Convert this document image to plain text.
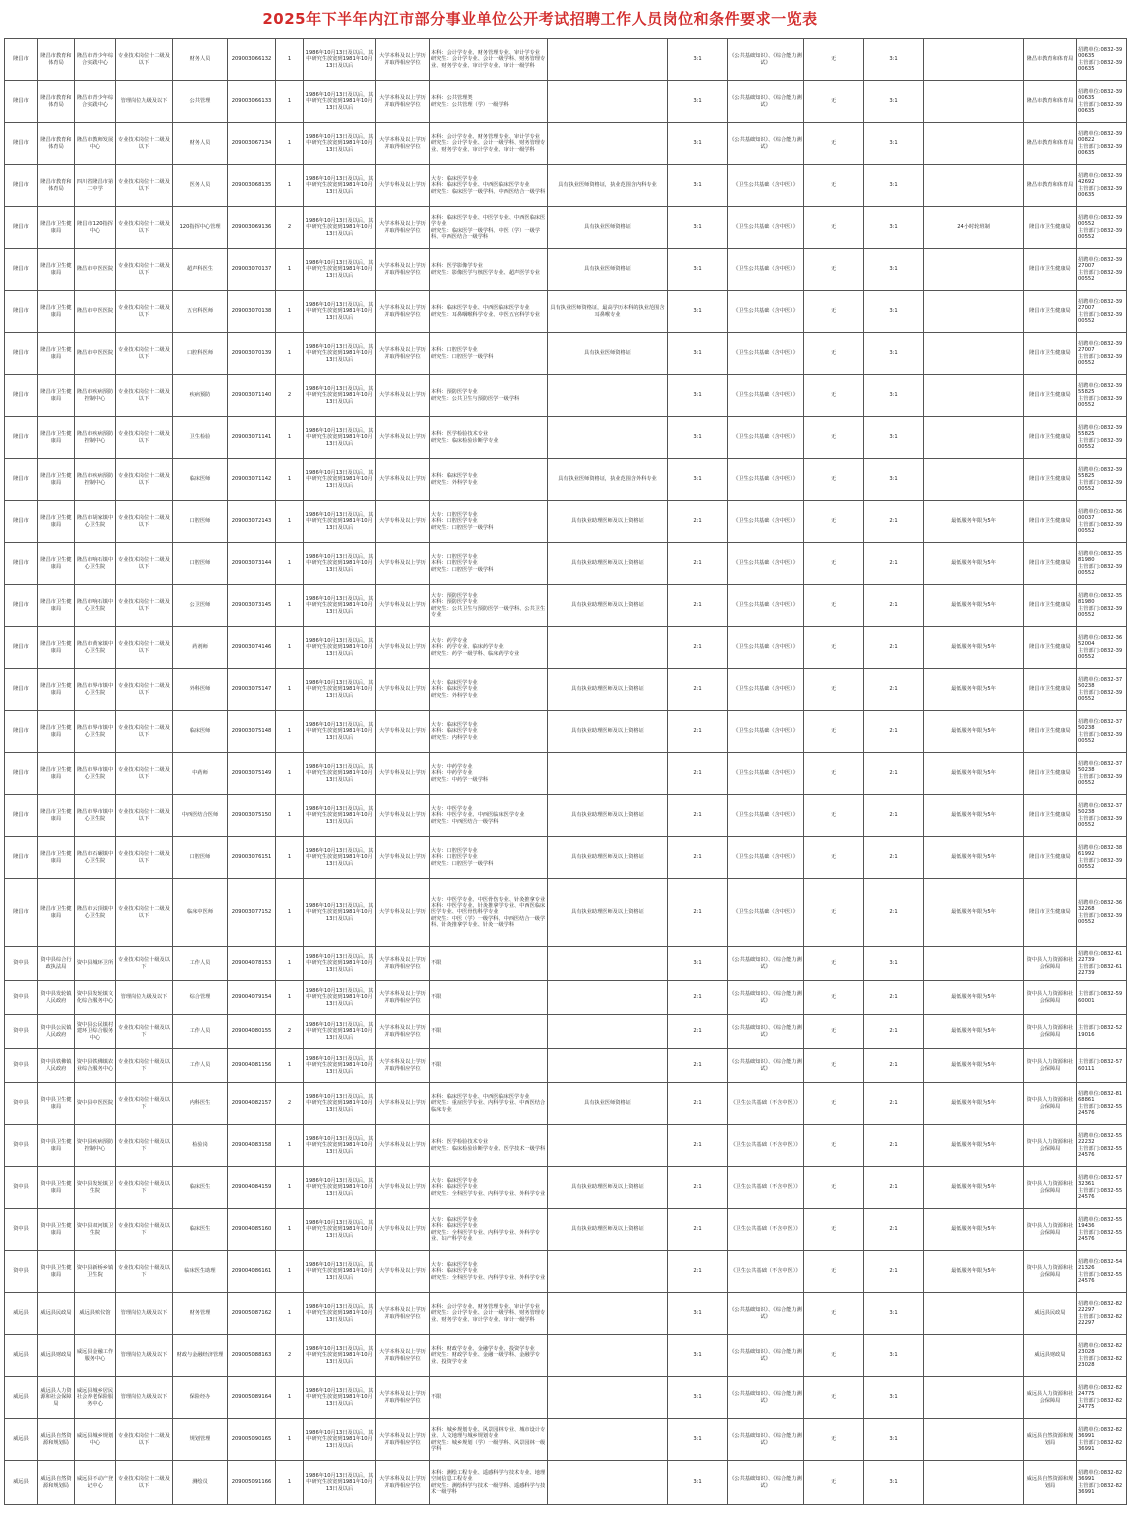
2025年下半年内江市部分事业单位公开考试招聘工作人员岗位和条件要求一览表
隆昌市	隆昌市教育和体育局	隆昌市青少年综合实践中心	专业技术岗位十二级及以下	财务人员	209003066132	1	1986年10月13日及以后，其中研究生放宽到1981年10月13日及以后	大学本科及以上学历并取得相应学位	本科：会计学专业、财务管理专业、审计学专业
研究生：会计学专业、会计一级学科、财务管理专业、财务学专业、审计学专业、审计一级学科		3:1	《公共基础知识》、《综合能力测试》	无	3:1		隆昌市教育和体育局	招聘单位:0832-3900635
主管部门:0832-3900635
隆昌市	隆昌市教育和体育局	隆昌市青少年综合实践中心	管理岗位九级及以下	公共管理	209003066133	1	1986年10月13日及以后，其中研究生放宽到1981年10月13日及以后	大学本科及以上学历并取得相应学位	本科：公共管理类
研究生：公共管理（学）一级学科		3:1	《公共基础知识》、《综合能力测试》	无	3:1		隆昌市教育和体育局	招聘单位:0832-3900635
主管部门:0832-3900635
隆昌市	隆昌市教育和体育局	隆昌市教师发展中心	专业技术岗位十二级及以下	财务人员	209003067134	1	1986年10月13日及以后，其中研究生放宽到1981年10月13日及以后	大学本科及以上学历并取得相应学位	本科：会计学专业、财务管理专业、审计学专业
研究生：会计学专业、会计一级学科、财务管理专业、财务学专业、审计学专业、审计一级学科		3:1	《公共基础知识》、《综合能力测试》	无	3:1		隆昌市教育和体育局	招聘单位:0832-3900822
主管部门:0832-3900635
隆昌市	隆昌市教育和体育局	四川省隆昌市第二中学	专业技术岗位十二级及以下	医务人员	209003068135	1	1986年10月13日及以后，其中研究生放宽到1981年10月13日及以后	大学专科及以上学历	大专：临床医学专业
本科：临床医学专业、中西医临床医学专业
研究生：临床医学一级学科、中西医结合一级学科	具有执业医师资格证，执业范围含内科专业	3:1	《卫生公共基础（含中医）》	无	3:1		隆昌市教育和体育局	招聘单位:0832-3942692
主管部门:0832-3900635
隆昌市	隆昌市卫生健康局	隆昌市120指挥中心	专业技术岗位十二级及以下	120指挥中心管理	209003069136	2	1986年10月13日及以后，其中研究生放宽到1981年10月13日及以后	大学本科及以上学历并取得相应学位	本科：临床医学专业、中医学专业、中西医临床医学专业
研究生：临床医学一级学科、中医（学）一级学科、中西医结合一级学科	具有执业医师资格证	3:1	《卫生公共基础（含中医）》	无	3:1	24小时轮班制	隆昌市卫生健康局	招聘单位:0832-3900552
主管部门:0832-3900552
隆昌市	隆昌市卫生健康局	隆昌市中医医院	专业技术岗位十二级及以下	超声科医生	209003070137	1	1986年10月13日及以后，其中研究生放宽到1981年10月13日及以后	大学本科及以上学历并取得相应学位	本科：医学影像学专业
研究生：影像医学与核医学专业、超声医学专业	具有执业医师资格证	3:1	《卫生公共基础（含中医）》	无	3:1		隆昌市卫生健康局	招聘单位:0832-3927007
主管部门:0832-3900552
隆昌市	隆昌市卫生健康局	隆昌市中医医院	专业技术岗位十二级及以下	五官科医师	209003070138	1	1986年10月13日及以后，其中研究生放宽到1981年10月13日及以后	大学本科及以上学历并取得相应学位	本科：临床医学专业、中西医临床医学专业
研究生：耳鼻咽喉科学专业、中医五官科学专业	具有执业医师资格证，最高学历本科的执业范围含耳鼻喉专业	3:1	《卫生公共基础（含中医）》	无	3:1		隆昌市卫生健康局	招聘单位:0832-3927007
主管部门:0832-3900552
隆昌市	隆昌市卫生健康局	隆昌市中医医院	专业技术岗位十二级及以下	口腔科医师	209003070139	1	1986年10月13日及以后，其中研究生放宽到1981年10月13日及以后	大学本科及以上学历并取得相应学位	本科：口腔医学专业
研究生：口腔医学一级学科	具有执业医师资格证	3:1	《卫生公共基础（含中医）》	无	3:1		隆昌市卫生健康局	招聘单位:0832-3927007
主管部门:0832-3900552
隆昌市	隆昌市卫生健康局	隆昌市疾病预防控制中心	专业技术岗位十二级及以下	疾病预防	209003071140	2	1986年10月13日及以后，其中研究生放宽到1981年10月13日及以后	大学本科及以上学历	本科：预防医学专业
研究生：公共卫生与预防医学一级学科		3:1	《卫生公共基础（含中医）》	无	3:1		隆昌市卫生健康局	招聘单位:0832-3955825
主管部门:0832-3900552
隆昌市	隆昌市卫生健康局	隆昌市疾病预防控制中心	专业技术岗位十二级及以下	卫生检验	209003071141	1	1986年10月13日及以后，其中研究生放宽到1981年10月13日及以后	大学本科及以上学历	本科：医学检验技术专业
研究生：临床检验诊断学专业		3:1	《卫生公共基础（含中医）》	无	3:1		隆昌市卫生健康局	招聘单位:0832-3955825
主管部门:0832-3900552
隆昌市	隆昌市卫生健康局	隆昌市疾病预防控制中心	专业技术岗位十二级及以下	临床医师	209003071142	1	1986年10月13日及以后，其中研究生放宽到1981年10月13日及以后	大学本科及以上学历	本科：临床医学专业
研究生：外科学专业	具有执业医师资格证，执业范围含外科专业	3:1	《卫生公共基础（含中医）》	无	3:1		隆昌市卫生健康局	招聘单位:0832-3955825
主管部门:0832-3900552
隆昌市	隆昌市卫生健康局	隆昌市胡家镇中心卫生院	专业技术岗位十二级及以下	口腔医师	209003072143	1	1986年10月13日及以后，其中研究生放宽到1981年10月13日及以后	大学专科及以上学历	大专：口腔医学专业
本科：口腔医学专业
研究生：口腔医学一级学科	具有执业助理医师及以上资格证	2:1	《卫生公共基础（含中医）》	无	2:1	最低服务年限为5年	隆昌市卫生健康局	招聘单位:0832-3600037
主管部门:0832-3900552
隆昌市	隆昌市卫生健康局	隆昌市响石镇中心卫生院	专业技术岗位十二级及以下	口腔医师	209003073144	1	1986年10月13日及以后，其中研究生放宽到1981年10月13日及以后	大学专科及以上学历	大专：口腔医学专业
本科：口腔医学专业
研究生：口腔医学一级学科	具有执业助理医师及以上资格证	2:1	《卫生公共基础（含中医）》	无	2:1	最低服务年限为5年	隆昌市卫生健康局	招聘单位:0832-3581980
主管部门:0832-3900552
隆昌市	隆昌市卫生健康局	隆昌市响石镇中心卫生院	专业技术岗位十二级及以下	公卫医师	209003073145	1	1986年10月13日及以后，其中研究生放宽到1981年10月13日及以后	大学专科及以上学历	大专：预防医学专业
本科：预防医学专业
研究生：公共卫生与预防医学一级学科、公共卫生专业	具有执业助理医师及以上资格证	2:1	《卫生公共基础（含中医）》	无	2:1	最低服务年限为5年	隆昌市卫生健康局	招聘单位:0832-3581980
主管部门:0832-3900552
隆昌市	隆昌市卫生健康局	隆昌市黄家镇中心卫生院	专业技术岗位十二级及以下	药剂师	209003074146	1	1986年10月13日及以后，其中研究生放宽到1981年10月13日及以后	大学专科及以上学历	大专：药学专业
本科：药学专业、临床药学专业
研究生：药学一级学科、临床药学专业		2:1	《卫生公共基础（含中医）》	无	2:1	最低服务年限为5年	隆昌市卫生健康局	招聘单位:0832-3652004
主管部门:0832-3900552
隆昌市	隆昌市卫生健康局	隆昌市界市镇中心卫生院	专业技术岗位十二级及以下	外科医师	209003075147	1	1986年10月13日及以后，其中研究生放宽到1981年10月13日及以后	大学专科及以上学历	大专：临床医学专业
本科：临床医学专业
研究生：外科学专业	具有执业助理医师及以上资格证	2:1	《卫生公共基础（含中医）》	无	2:1	最低服务年限为5年	隆昌市卫生健康局	招聘单位:0832-3750238
主管部门:0832-3900552
隆昌市	隆昌市卫生健康局	隆昌市界市镇中心卫生院	专业技术岗位十二级及以下	临床医师	209003075148	1	1986年10月13日及以后，其中研究生放宽到1981年10月13日及以后	大学专科及以上学历	大专：临床医学专业
本科：临床医学专业
研究生：内科学专业	具有执业助理医师及以上资格证	2:1	《卫生公共基础（含中医）》	无	2:1	最低服务年限为5年	隆昌市卫生健康局	招聘单位:0832-3750238
主管部门:0832-3900552
隆昌市	隆昌市卫生健康局	隆昌市界市镇中心卫生院	专业技术岗位十二级及以下	中药师	209003075149	1	1986年10月13日及以后，其中研究生放宽到1981年10月13日及以后	大学专科及以上学历	大专：中药学专业
本科：中药学专业
研究生：中药学一级学科		2:1	《卫生公共基础（含中医）》	无	2:1	最低服务年限为5年	隆昌市卫生健康局	招聘单位:0832-3750238
主管部门:0832-3900552
隆昌市	隆昌市卫生健康局	隆昌市界市镇中心卫生院	专业技术岗位十二级及以下	中西医结合医师	209003075150	1	1986年10月13日及以后，其中研究生放宽到1981年10月13日及以后	大学专科及以上学历	大专：中医学专业
本科：中医学专业、中西医临床医学专业
研究生：中西医结合一级学科	具有执业助理医师及以上资格证	2:1	《卫生公共基础（含中医）》	无	2:1	最低服务年限为5年	隆昌市卫生健康局	招聘单位:0832-3750238
主管部门:0832-3900552
隆昌市	隆昌市卫生健康局	隆昌市石碾镇中心卫生院	专业技术岗位十二级及以下	口腔医师	209003076151	1	1986年10月13日及以后，其中研究生放宽到1981年10月13日及以后	大学专科及以上学历	大专：口腔医学专业
本科：口腔医学专业
研究生：口腔医学一级学科	具有执业助理医师及以上资格证	2:1	《卫生公共基础（含中医）》	无	2:1	最低服务年限为5年	隆昌市卫生健康局	招聘单位:0832-3861992
主管部门:0832-3900552
隆昌市	隆昌市卫生健康局	隆昌市云顶镇中心卫生院	专业技术岗位十二级及以下	临床中医师	209003077152	1	1986年10月13日及以后，其中研究生放宽到1981年10月13日及以后	大学专科及以上学历	大专：中医学专业、中医骨伤专业、针灸推拿专业
本科：中医学专业、针灸推拿学专业、中西医临床医学专业、中医骨伤科学专业
研究生：中医（学）一级学科、中西医结合一级学科、针灸推拿学专业、针灸一级学科	具有执业助理医师及以上资格证	2:1	《卫生公共基础（含中医）》	无	2:1	最低服务年限为5年	隆昌市卫生健康局	招聘单位:0832-3632268
主管部门:0832-3900552
资中县	资中县综合行政执法局	资中县城环卫所	专业技术岗位十级及以下	工作人员	209004078153	1	1986年10月13日及以后，其中研究生放宽到1981年10月13日及以后	大学本科及以上学历并取得相应学位	不限		3:1	《公共基础知识》、《综合能力测试》	无	3:1		资中县人力资源和社会保障局	招聘单位:0832-6122739
主管部门:0832-6122739
资中县	资中县发轮镇人民政府	资中县发轮镇文化综合服务中心	管理岗位九级及以下	综合管理	209004079154	1	1986年10月13日及以后，其中研究生放宽到1981年10月13日及以后	大学本科及以上学历并取得相应学位	不限		2:1	《公共基础知识》、《综合能力测试》	无	2:1	最低服务年限为5年	资中县人力资源和社会保障局	主管部门:0832-5960001
资中县	资中县公民镇人民政府	资中县公民镇村建环卫综合服务中心	专业技术岗位十级及以下	工作人员	209004080155	2	1986年10月13日及以后，其中研究生放宽到1981年10月13日及以后	大学本科及以上学历并取得相应学位	不限		2:1	《公共基础知识》、《综合能力测试》	无	2:1	最低服务年限为5年	资中县人力资源和社会保障局	主管部门:0832-5219016
资中县	资中县铁佛镇人民政府	资中县铁佛镇农业综合服务中心	专业技术岗位十级及以下	工作人员	209004081156	1	1986年10月13日及以后，其中研究生放宽到1981年10月13日及以后	大学本科及以上学历并取得相应学位	不限		2:1	《公共基础知识》、《综合能力测试》	无	2:1	最低服务年限为5年	资中县人力资源和社会保障局	主管部门:0832-5760111
资中县	资中县卫生健康局	资中县中医医院	专业技术岗位十级及以下	内科医生	209004082157	2	1986年10月13日及以后，其中研究生放宽到1981年10月13日及以后	大学本科及以上学历	本科：临床医学专业、中西医临床医学专业
研究生：重症医学专业、内科学专业、中西医结合临床专业	具有执业医师资格证	2:1	《卫生公共基础（不含中医）》	无	2:1	最低服务年限为5年	资中县人力资源和社会保障局	招聘单位:0832-8168861
主管部门:0832-5524576
资中县	资中县卫生健康局	资中县疾病预防控制中心	专业技术岗位十级及以下	检验岗	209004083158	1	1986年10月13日及以后，其中研究生放宽到1981年10月13日及以后	大学本科及以上学历	本科：医学检验技术专业
研究生：临床检验诊断学专业、医学技术一级学科		2:1	《卫生公共基础（不含中医）》	无	2:1	最低服务年限为5年	资中县人力资源和社会保障局	招聘单位:0832-5522232
主管部门:0832-5524576
资中县	资中县卫生健康局	资中县发轮镇卫生院	专业技术岗位十级及以下	临床医生	209004084159	1	1986年10月13日及以后，其中研究生放宽到1981年10月13日及以后	大学专科及以上学历	大专：临床医学专业
本科：临床医学专业
研究生：全科医学专业、内科学专业、外科学专业	具有执业助理医师及以上资格证	2:1	《卫生公共基础（不含中医）》	无	2:1	最低服务年限为5年	资中县人力资源和社会保障局	招聘单位:0832-5732361
主管部门:0832-5524576
资中县	资中县卫生健康局	资中县双河镇卫生院	专业技术岗位十级及以下	临床医生	209004085160	1	1986年10月13日及以后，其中研究生放宽到1981年10月13日及以后	大学专科及以上学历	大专：临床医学专业
本科：临床医学专业
研究生：全科医学专业、内科学专业、外科学专业、妇产科学专业	具有执业助理医师及以上资格证	2:1	《卫生公共基础（不含中医）》	无	2:1	最低服务年限为5年	资中县人力资源和社会保障局	招聘单位:0832-5519436
主管部门:0832-5524576
资中县	资中县卫生健康局	资中县新桥乡镇卫生院	专业技术岗位十级及以下	临床医生助理	209004086161	1	1986年10月13日及以后，其中研究生放宽到1981年10月13日及以后	大学专科及以上学历	大专：临床医学专业
本科：临床医学专业
研究生：全科医学专业、内科学专业、外科学专业		2:1	《卫生公共基础（不含中医）》	无	2:1	最低服务年限为5年	资中县人力资源和社会保障局	招聘单位:0832-5421326
主管部门:0832-5524576
威远县	威远县民政局	威远县殡仪馆	管理岗位九级及以下	财务管理	209005087162	1	1986年10月13日及以后，其中研究生放宽到1981年10月13日及以后	大学本科及以上学历并取得相应学位	本科：会计学专业、财务管理专业、审计学专业
研究生：会计学专业、会计一级学科、财务管理专业、财务学专业、审计学专业、审计一级学科		3:1	《公共基础知识》、《综合能力测试》	无	3:1		威远县民政局	招聘单位:0832-8222297
主管部门:0832-8222297
威远县	威远县财政局	威远县金融工作服务中心	管理岗位九级及以下	财政与金融经济管理	209005088163	2	1986年10月13日及以后，其中研究生放宽到1981年10月13日及以后	大学本科及以上学历并取得相应学位	本科：财政学专业、金融学专业、投资学专业
研究生：财政学专业、金融一级学科、金融学专业、投资学专业		3:1	《公共基础知识》、《综合能力测试》	无	3:1		威远县财政局	招聘单位:0832-8223028
主管部门:0832-8223028
威远县	威远县人力资源和社会保障局	威远县城乡居民社会养老保险服务中心	管理岗位九级及以下	保险经办	209005089164	1	1986年10月13日及以后，其中研究生放宽到1981年10月13日及以后	大学本科及以上学历并取得相应学位	不限		3:1	《公共基础知识》、《综合能力测试》	无	3:1		威远县人力资源和社会保障局	招聘单位:0832-8224775
主管部门:0832-8224775
威远县	威远县自然资源和规划局	威远县城乡规划中心	专业技术岗位十二级及以下	规划管理	209005090165	1	1986年10月13日及以后，其中研究生放宽到1981年10月13日及以后	大学本科及以上学历并取得相应学位	本科：城乡规划专业、风景园林专业、城市设计专业、人文地理与城乡规划专业
研究生：城乡规划（学）一级学科、风景园林一级学科		3:1	《公共基础知识》、《综合能力测试》	无	3:1		威远县自然资源和规划局	招聘单位:0832-8236991
主管部门:0832-8236991
威远县	威远县自然资源和规划局	威远县不动产登记中心	专业技术岗位十二级及以下	测绘员	209005091166	1	1986年10月13日及以后，其中研究生放宽到1981年10月13日及以后	大学本科及以上学历并取得相应学位	本科：测绘工程专业、遥感科学与技术专业、地理空间信息工程专业
研究生：测绘科学与技术一级学科、遥感科学与技术一级学科		3:1	《公共基础知识》、《综合能力测试》	无	3:1		威远县自然资源和规划局	招聘单位:0832-8236991
主管部门:0832-8236991
